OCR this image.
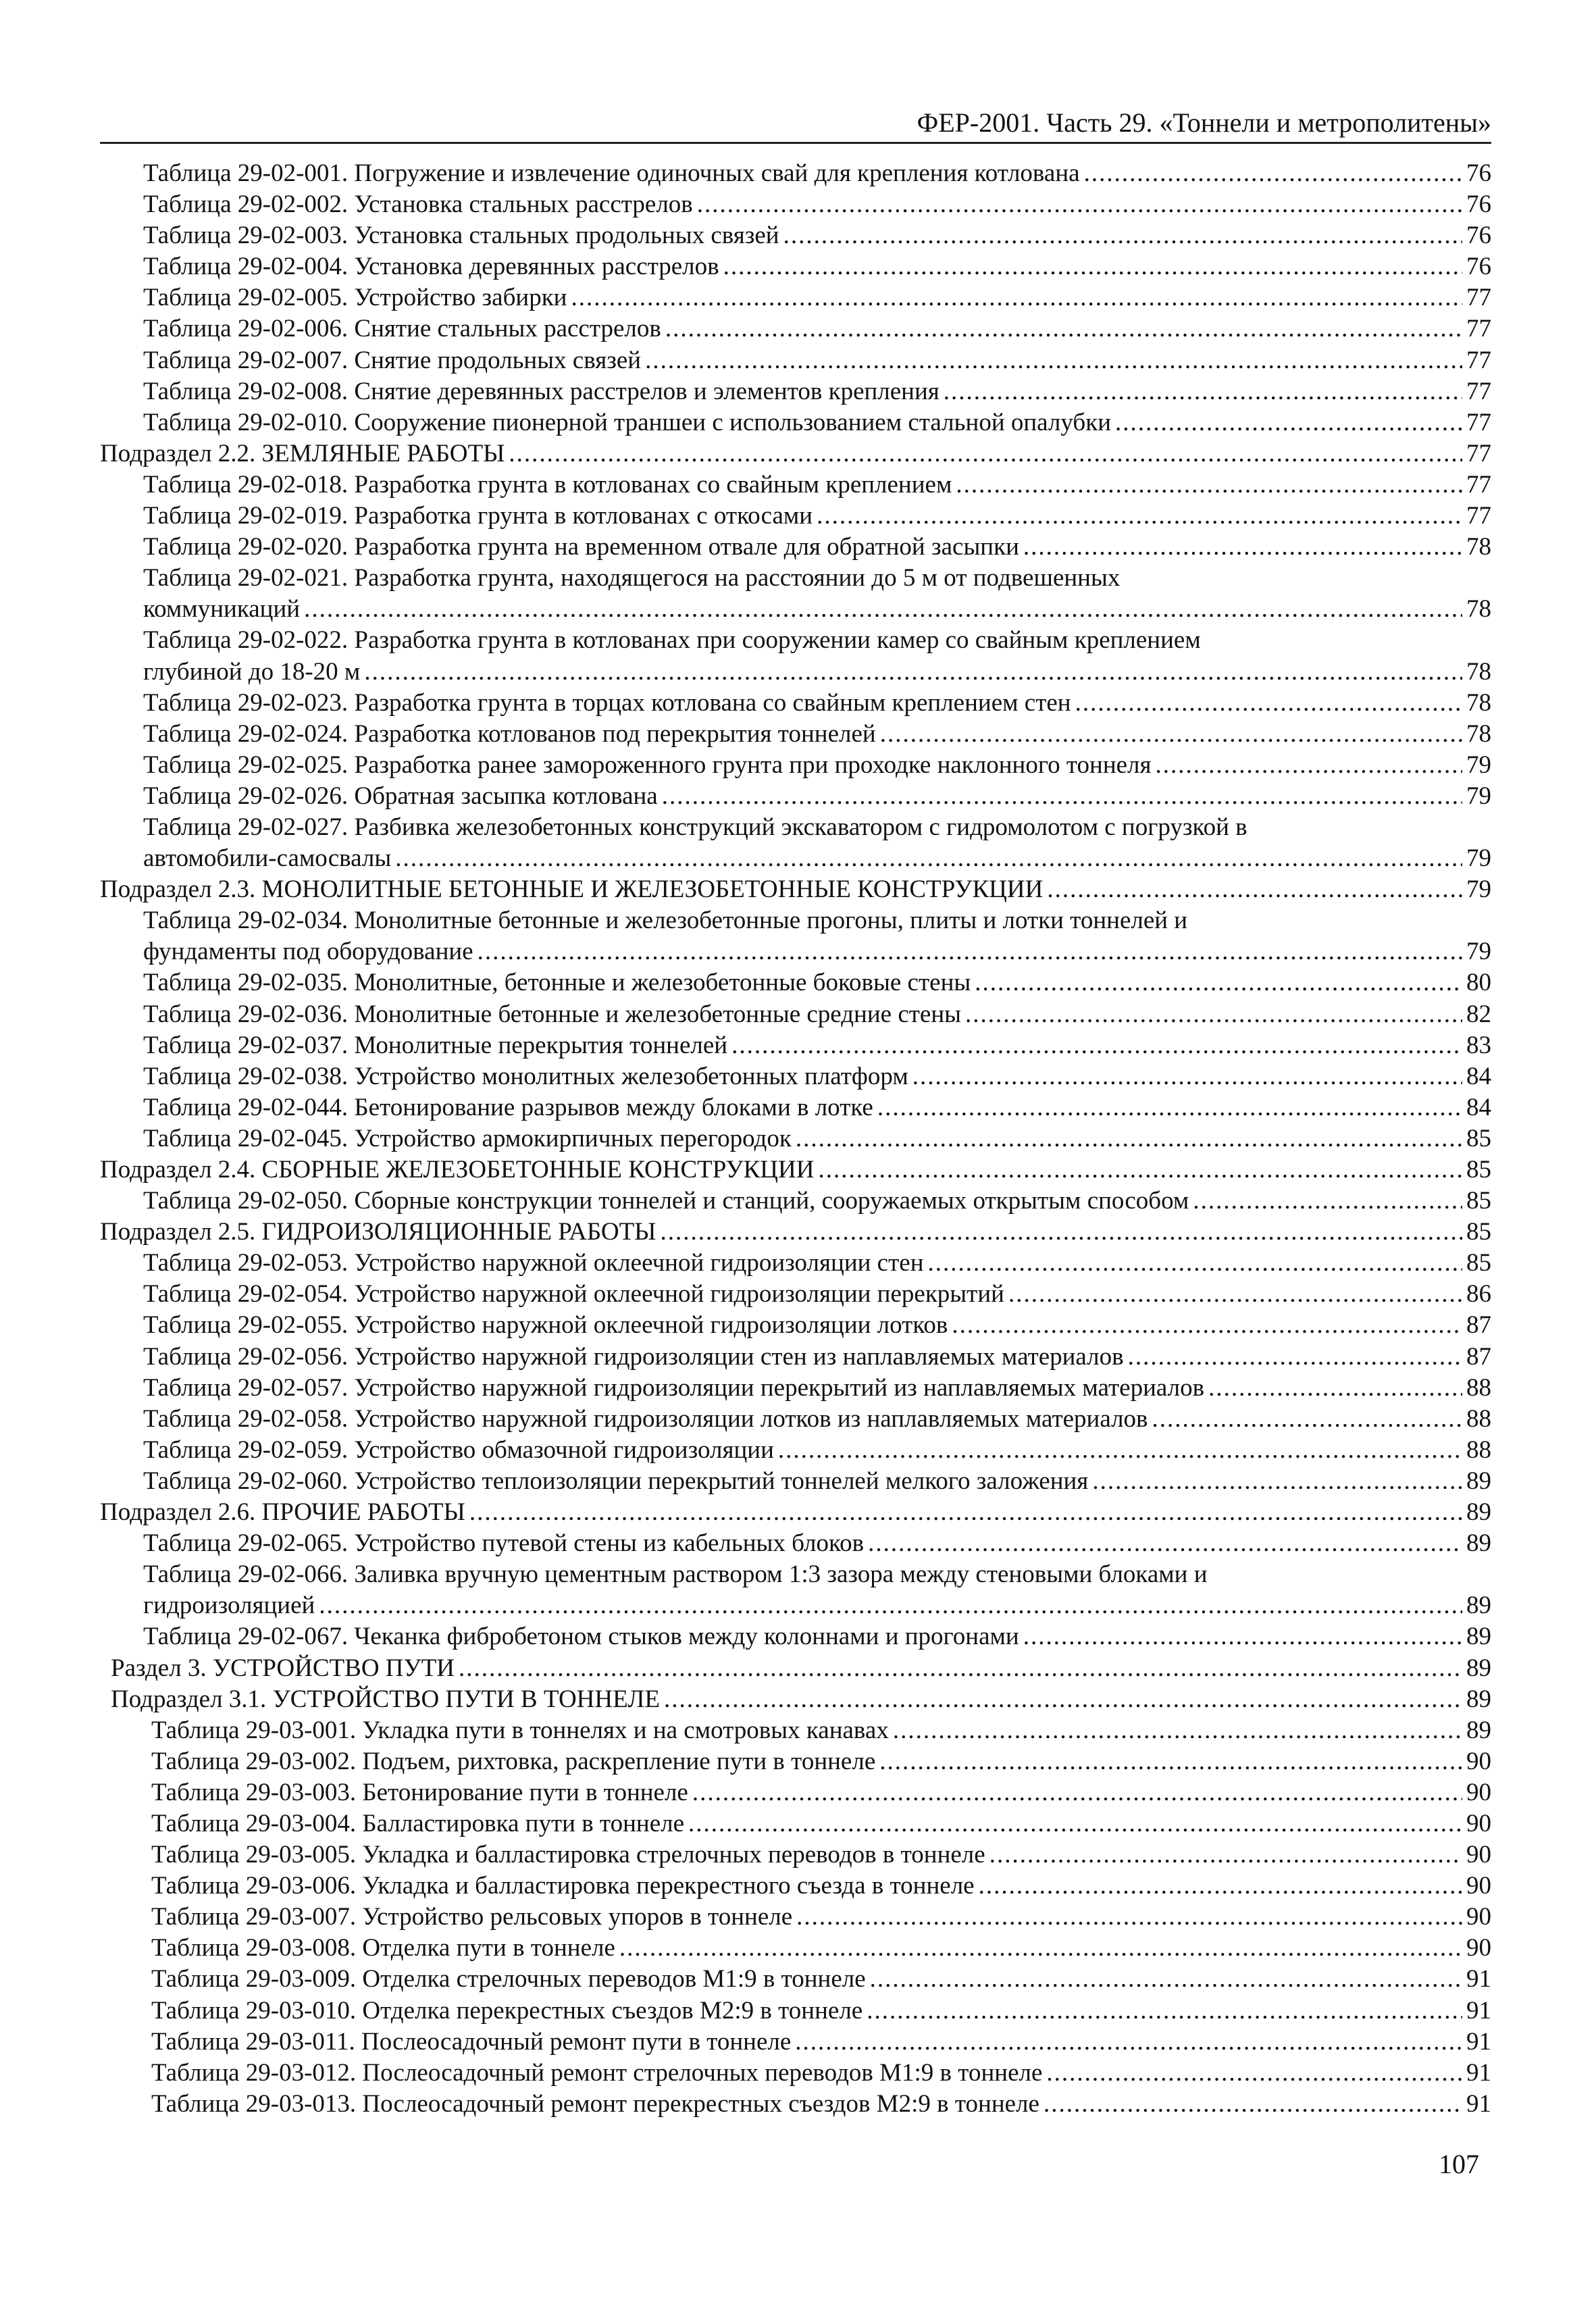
ФЕР-2001. Часть 29. «Тоннели и метрополитены»
Таблица 29-02-001. Погружение и извлечение одиночных свай для крепления котлована .....	76
Таблица 29-02-002. Установка стальных расстрелов .....	76
Таблица 29-02-003. Установка стальных продольных связей .....	76
Таблица 29-02-004. Установка деревянных расстрелов .....	76
Таблица 29-02-005. Устройство забирки .....	77
Таблица 29-02-006. Снятие стальных расстрелов .....	77
Таблица 29-02-007. Снятие продольных связей .....	77
Таблица 29-02-008. Снятие деревянных расстрелов и элементов крепления .....	77
Таблица 29-02-010. Сооружение пионерной траншеи с использованием стальной опалубки .....	77
Подраздел 2.2. ЗЕМЛЯНЫЕ РАБОТЫ .....	77
Таблица 29-02-018. Разработка грунта в котлованах со свайным креплением .....	77
Таблица 29-02-019. Разработка грунта в котлованах с откосами .....	77
Таблица 29-02-020. Разработка грунта на временном отвале для обратной засыпки .....	78
Таблица 29-02-021. Разработка грунта, находящегося на расстоянии до 5 м от подвешенных
коммуникаций .....	78
Таблица 29-02-022. Разработка грунта в котлованах при сооружении камер со свайным креплением
глубиной до 18-20 м .....	78
Таблица 29-02-023. Разработка грунта в торцах котлована со свайным креплением стен .....	78
Таблица 29-02-024. Разработка котлованов под перекрытия тоннелей .....	78
Таблица 29-02-025. Разработка ранее замороженного грунта при проходке наклонного тоннеля .....	79
Таблица 29-02-026. Обратная засыпка котлована .....	79
Таблица 29-02-027. Разбивка железобетонных конструкций экскаватором с гидромолотом с погрузкой в
автомобили-самосвалы .....	79
Подраздел 2.3. МОНОЛИТНЫЕ БЕТОННЫЕ И ЖЕЛЕЗОБЕТОННЫЕ КОНСТРУКЦИИ .....	79
Таблица 29-02-034. Монолитные бетонные и железобетонные прогоны, плиты и лотки тоннелей и
фундаменты под оборудование .....	79
Таблица 29-02-035. Монолитные, бетонные и железобетонные боковые стены .....	80
Таблица 29-02-036. Монолитные бетонные и железобетонные средние стены .....	82
Таблица 29-02-037. Монолитные перекрытия тоннелей .....	83
Таблица 29-02-038. Устройство монолитных железобетонных платформ .....	84
Таблица 29-02-044. Бетонирование разрывов между блоками в лотке .....	84
Таблица 29-02-045. Устройство армокирпичных перегородок .....	85
Подраздел 2.4. СБОРНЫЕ ЖЕЛЕЗОБЕТОННЫЕ КОНСТРУКЦИИ .....	85
Таблица 29-02-050. Сборные конструкции тоннелей и станций, сооружаемых открытым способом .....	85
Подраздел 2.5. ГИДРОИЗОЛЯЦИОННЫЕ РАБОТЫ .....	85
Таблица 29-02-053. Устройство наружной оклеечной гидроизоляции стен .....	85
Таблица 29-02-054. Устройство наружной оклеечной гидроизоляции перекрытий .....	86
Таблица 29-02-055. Устройство наружной оклеечной гидроизоляции лотков .....	87
Таблица 29-02-056. Устройство наружной гидроизоляции стен из наплавляемых материалов .....	87
Таблица 29-02-057. Устройство наружной гидроизоляции перекрытий из наплавляемых материалов .....	88
Таблица 29-02-058. Устройство наружной гидроизоляции лотков из наплавляемых материалов .....	88
Таблица 29-02-059. Устройство обмазочной гидроизоляции .....	88
Таблица 29-02-060. Устройство теплоизоляции перекрытий тоннелей мелкого заложения .....	89
Подраздел 2.6. ПРОЧИЕ РАБОТЫ .....	89
Таблица 29-02-065. Устройство путевой стены из кабельных блоков .....	89
Таблица 29-02-066. Заливка вручную цементным раствором 1:3 зазора между стеновыми блоками и
гидроизоляцией .....	89
Таблица 29-02-067. Чеканка фибробетоном стыков между колоннами и прогонами .....	89
Раздел 3. УСТРОЙСТВО ПУТИ .....	89
Подраздел 3.1. УСТРОЙСТВО ПУТИ В ТОННЕЛЕ .....	89
Таблица 29-03-001. Укладка пути в тоннелях и на смотровых канавах .....	89
Таблица 29-03-002. Подъем, рихтовка, раскрепление пути в тоннеле .....	90
Таблица 29-03-003. Бетонирование пути в тоннеле .....	90
Таблица 29-03-004. Балластировка пути в тоннеле .....	90
Таблица 29-03-005. Укладка и балластировка стрелочных переводов в тоннеле .....	90
Таблица 29-03-006. Укладка и балластировка перекрестного съезда в тоннеле .....	90
Таблица 29-03-007. Устройство рельсовых упоров в тоннеле .....	90
Таблица 29-03-008. Отделка пути в тоннеле .....	90
Таблица 29-03-009. Отделка стрелочных переводов М1:9 в тоннеле .....	91
Таблица 29-03-010. Отделка перекрестных съездов М2:9 в тоннеле .....	91
Таблица 29-03-011. Послеосадочный ремонт пути в тоннеле .....	91
Таблица 29-03-012. Послеосадочный ремонт стрелочных переводов М1:9 в тоннеле .....	91
Таблица 29-03-013. Послеосадочный ремонт перекрестных съездов М2:9 в тоннеле .....	91
107
